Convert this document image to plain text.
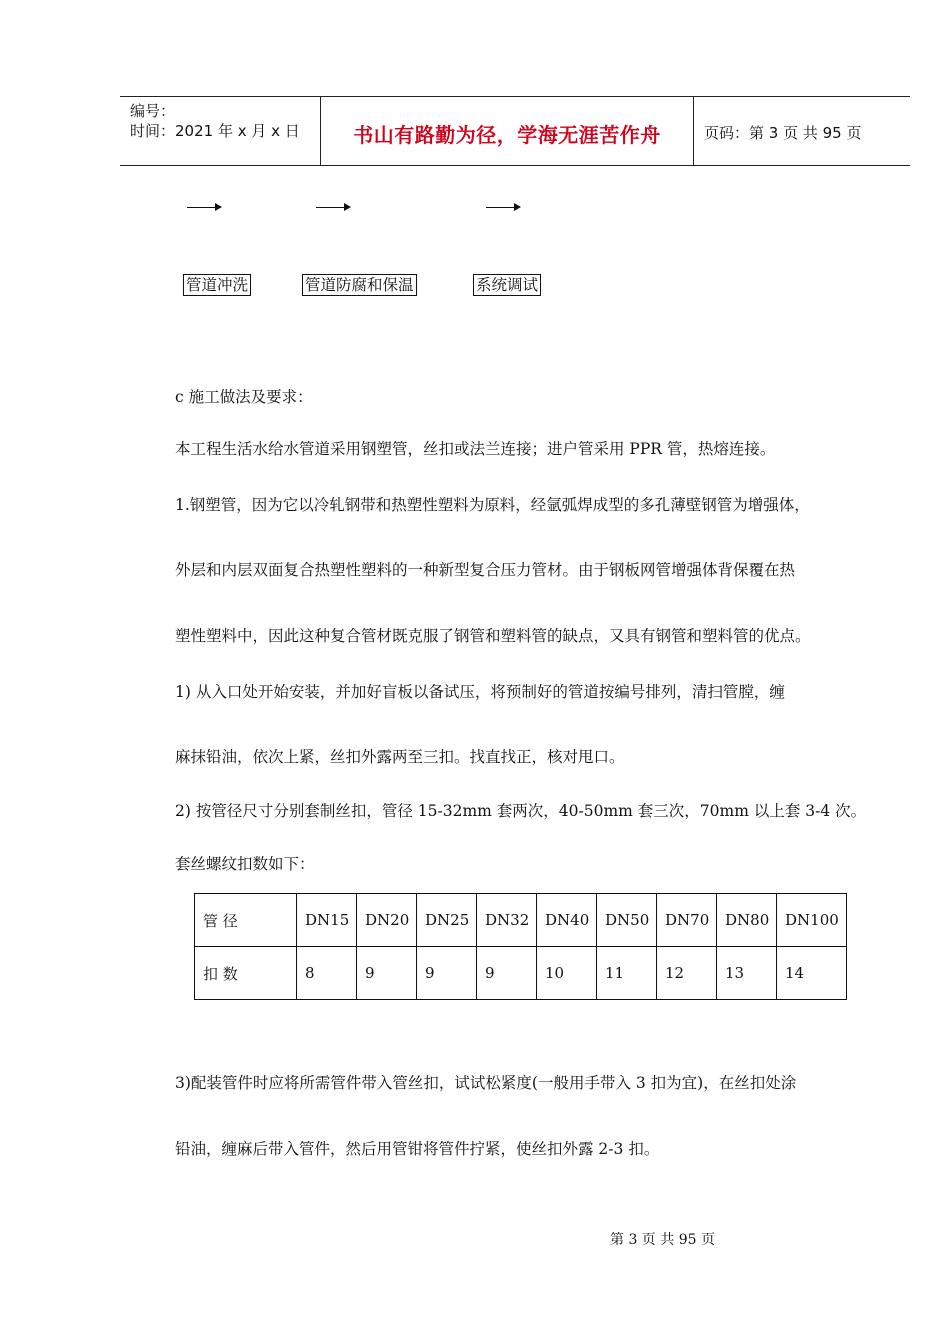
编号：
时间：2021 年 x 月 x 日	书山有路勤为径，学海无涯苦作舟	页码：第 3 页 共 95 页
管道冲洗	管道防腐和保温	系统调试
c 施工做法及要求：
本工程生活水给水管道采用钢塑管，丝扣或法兰连接；进户管采用 PPR 管，热熔连接。
1.钢塑管，因为它以冷轧钢带和热塑性塑料为原料，经氩弧焊成型的多孔薄壁钢管为增强体，
外层和内层双面复合热塑性塑料的一种新型复合压力管材。由于钢板网管增强体背保覆在热
塑性塑料中，因此这种复合管材既克服了钢管和塑料管的缺点，又具有钢管和塑料管的优点。
1) 从入口处开始安装，并加好盲板以备试压，将预制好的管道按编号排列，清扫管膛，缠
麻抹铅油，依次上紧，丝扣外露两至三扣。找直找正，核对甩口。
2) 按管径尺寸分别套制丝扣，管径 15-32mm 套两次，40-50mm 套三次，70mm 以上套 3-4 次。
套丝螺纹扣数如下：
管 径	DN15	DN20	DN25	DN32	DN40	DN50	DN70	DN80	DN100
扣 数	8	9	9	9	10	11	12	13	14
3)配装管件时应将所需管件带入管丝扣，试试松紧度(一般用手带入 3 扣为宜)，在丝扣处涂
铅油，缠麻后带入管件，然后用管钳将管件拧紧，使丝扣外露 2-3 扣。
第 3 页 共 95 页
